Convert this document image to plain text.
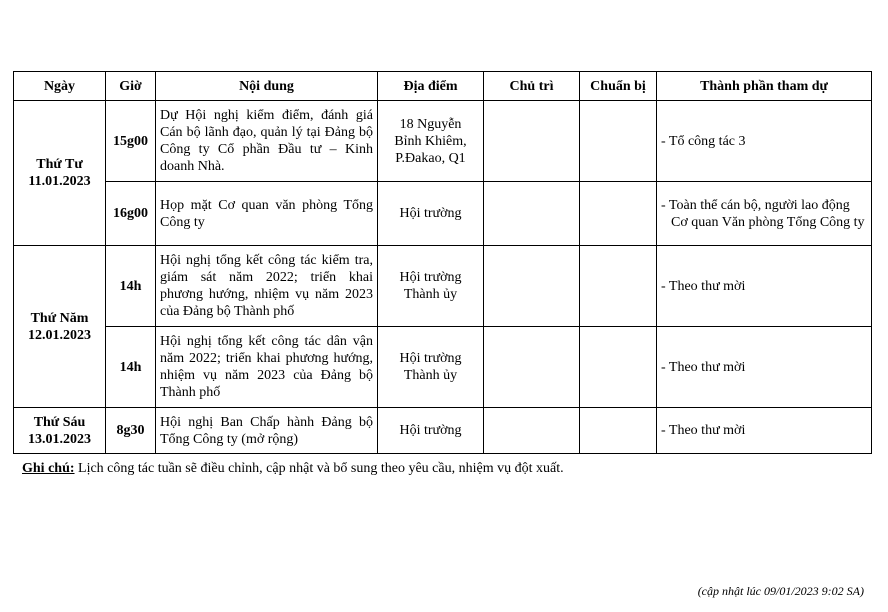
Ngày	Giờ	Nội dung	Địa điểm	Chủ trì	Chuẩn bị	Thành phần tham dự

Thứ Tư
11.01.2023	15g00	Dự Hội nghị kiểm điểm, đánh giá Cán bộ lãnh đạo, quản lý tại Đảng bộ Công ty Cổ phần Đầu tư – Kinh doanh Nhà.	18 Nguyễn
Bỉnh Khiêm,
P.Đakao, Q1			- Tổ công tác 3

	16g00	Họp mặt Cơ quan văn phòng Tổng Công ty	Hội trường			- Toàn thể cán bộ, người lao động
Cơ quan Văn phòng Tổng Công ty

Thứ Năm
12.01.2023	14h	Hội nghị tổng kết công tác kiểm tra, giám sát năm 2022; triển khai phương hướng, nhiệm vụ năm 2023 của Đảng bộ Thành phố	Hội trường
Thành ủy			- Theo thư mời

	14h	Hội nghị tổng kết công tác dân vận năm 2022; triển khai phương hướng, nhiệm vụ năm 2023 của Đảng bộ Thành phố	Hội trường
Thành ủy			- Theo thư mời

Thứ Sáu
13.01.2023	8g30	Hội nghị Ban Chấp hành Đảng bộ Tổng Công ty (mở rộng)	Hội trường			- Theo thư mời
Ghi chú: Lịch công tác tuần sẽ điều chỉnh, cập nhật và bổ sung theo yêu cầu, nhiệm vụ đột xuất.
(cập nhật lúc 09/01/2023 9:02 SA)
